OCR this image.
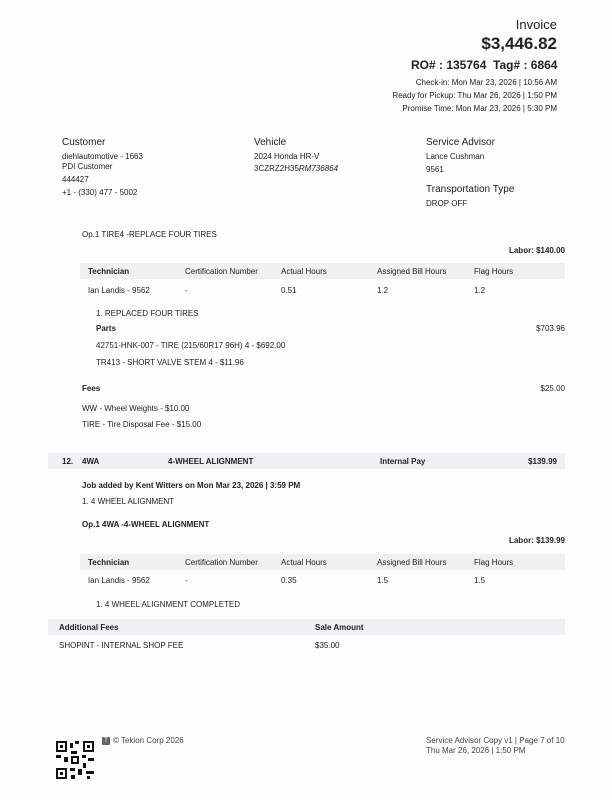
Invoice
$3,446.82
RO# : 135764 Tag# : 6864
Check-in: Mon Mar 23, 2026 | 10:56 AM
Ready for Pickup: Thu Mar 26, 2026 | 1:50 PM
Promise Time: Mon Mar 23, 2026 | 5:30 PM
Customer
diehlautomotive - 1663
PDI Customer
444427
+1 - (330) 477 - 5002
Vehicle
2024 Honda HR-V
3CZRZ2H35RM736864
Service Advisor
Lance Cushman
9561
Transportation Type
DROP OFF
Op.1 TIRE4 -REPLACE FOUR TIRES
Labor: $140.00
Technician	Certification Number	Actual Hours	Assigned Bill Hours	Flag Hours
Ian Landis - 9562	-	0.51	1.2	1.2
1. REPLACED FOUR TIRES
Parts	$703.96
42751-HNK-007 - TIRE (215/60R17 96H) 4 - $692.00
TR413 - SHORT VALVE STEM 4 - $11.96
Fees	$25.00
WW - Wheel Weights - $10.00
TIRE - Tire Disposal Fee - $15.00
12. 4WA	4-WHEEL ALIGNMENT	Internal Pay	$139.99
Job added by Kent Witters on Mon Mar 23, 2026 | 3:59 PM
1. 4 WHEEL ALIGNMENT
Op.1 4WA -4-WHEEL ALIGNMENT
Labor: $139.99
Technician	Certification Number	Actual Hours	Assigned Bill Hours	Flag Hours
Ian Landis - 9562	-	0.35	1.5	1.5
1. 4 WHEEL ALIGNMENT COMPLETED
Additional Fees	Sale Amount
SHOPINT - INTERNAL SHOP FEE	$35.00
T © Tekion Corp 2026	Service Advisor Copy v1 | Page 7 of 10
Thu Mar 26, 2026 | 1:50 PM
